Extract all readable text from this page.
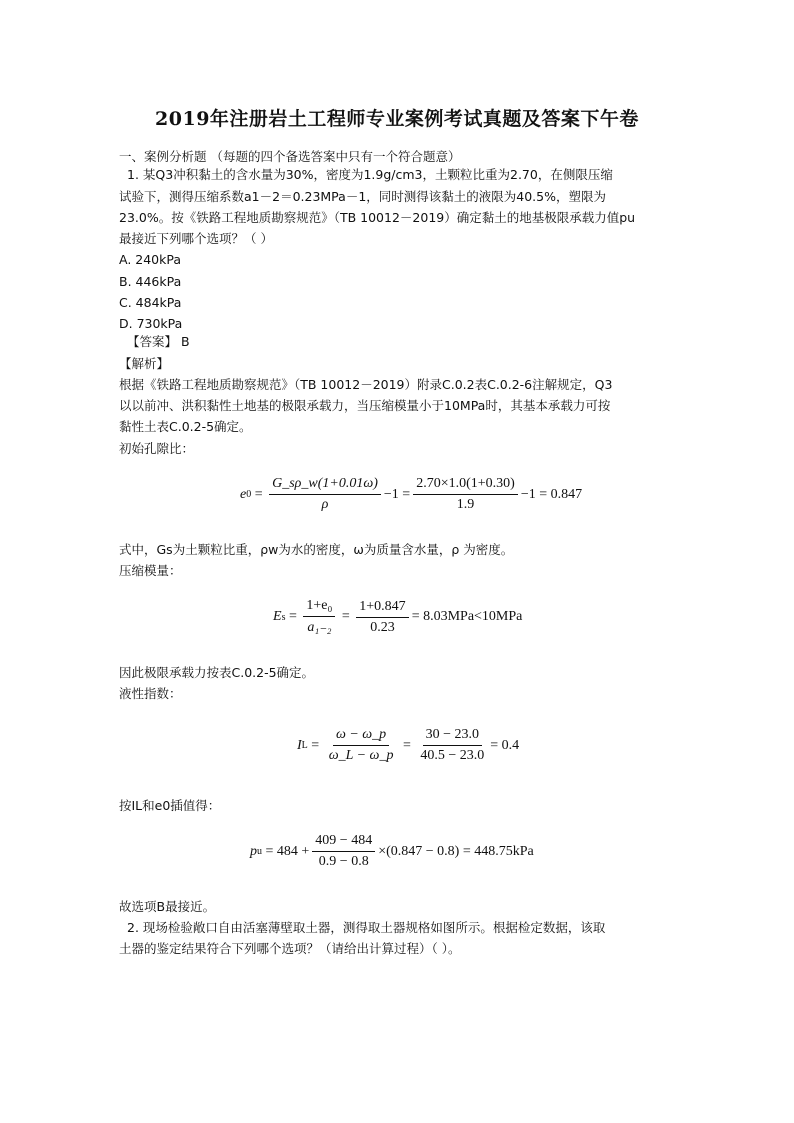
2019年注册岩土工程师专业案例考试真题及答案下午卷
一、案例分析题 （每题的四个备选答案中只有一个符合题意）
1. 某Q3冲积黏土的含水量为30%，密度为1.9g/cm3，土颗粒比重为2.70，在侧限压缩
试验下，测得压缩系数a1－2＝0.23MPa－1，同时测得该黏土的液限为40.5%，塑限为
23.0%。按《铁路工程地质勘察规范》（TB 10012－2019）确定黏土的地基极限承载力值pu
最接近下列哪个选项？（ ）
A. 240kPa
B. 446kPa
C. 484kPa
D. 730kPa
【答案】 B
【解析】
根据《铁路工程地质勘察规范》（TB 10012－2019）附录C.0.2表C.0.2-6注解规定，Q3
以以前冲、洪积黏性土地基的极限承载力，当压缩模量小于10MPa时，其基本承载力可按
黏性土表C.0.2-5确定。
初始孔隙比：
e $0 = \frac{G\_s\rho\_w(1+0.01\omega)}{\rho} -1 = \frac{2.70\times 1.0(1+0.30)}{1.9} -1 = 0.847$
式中，Gs为土颗粒比重，ρw为水的密度，ω为质量含水量，ρ 为密度。
压缩模量：
E $s = \frac{\text{1+e₀}}{\text{a₁₋₂}} = \frac{1+0.847}{0.23} = 8.03MPa<10MPa$
因此极限承载力按表C.0.2-5确定。
液性指数：
I $L = \frac{\omega - \omega\_p}{\omega\_L - \omega\_p} = \frac{30 - 23.0}{40.5 - 23.0} = 0.4$
按IL和e0插值得：
p u
= $484 + \frac{409 - 484}{0.9 - 0.8} \times(0.847 - 0.8) = 448.75kPa$
故选项B最接近。
2. 现场检验敞口自由活塞薄壁取土器，测得取土器规格如图所示。根据检定数据，该取
土器的鉴定结果符合下列哪个选项？（请给出计算过程）（ ）。
